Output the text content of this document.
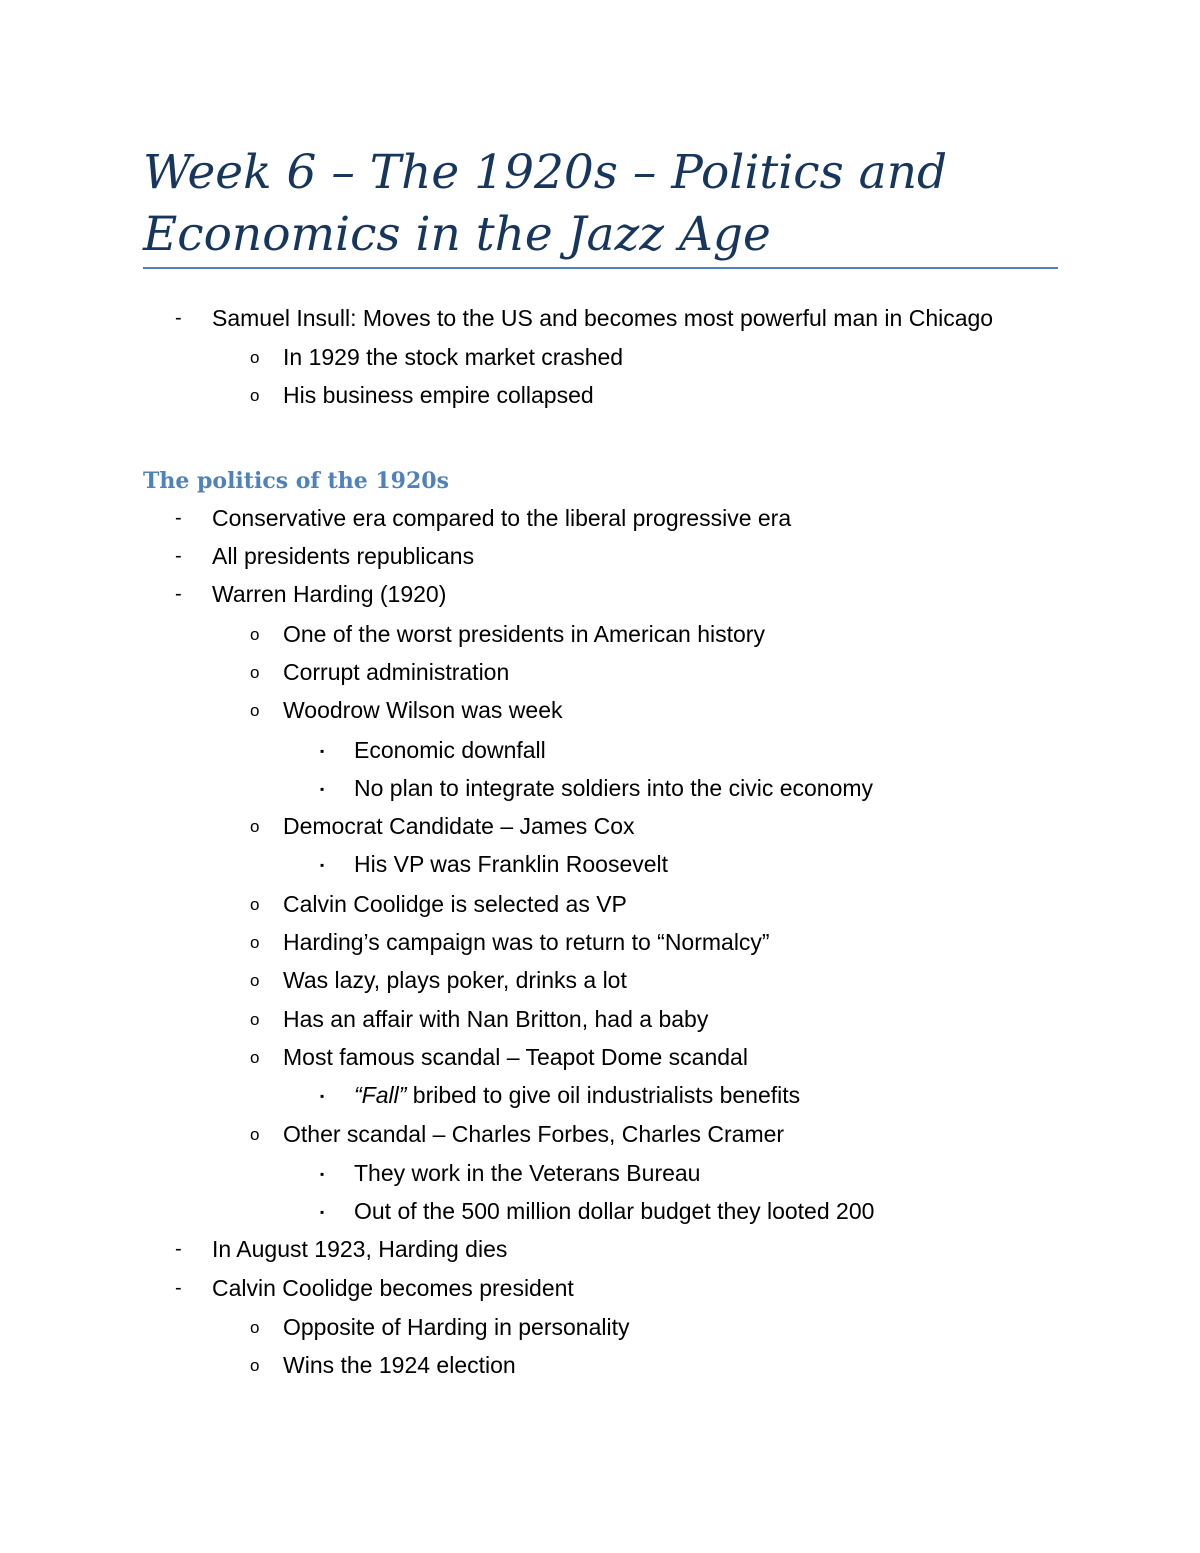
Week 6 – The 1920s – Politics and
Economics in the Jazz Age
- Samuel Insull: Moves to the US and becomes most powerful man in Chicago
o In 1929 the stock market crashed
o His business empire collapsed
The politics of the 1920s
- Conservative era compared to the liberal progressive era
- All presidents republicans
- Warren Harding (1920)
o One of the worst presidents in American history
o Corrupt administration
o Woodrow Wilson was week
▪ Economic downfall
▪ No plan to integrate soldiers into the civic economy
o Democrat Candidate – James Cox
▪ His VP was Franklin Roosevelt
o Calvin Coolidge is selected as VP
o Harding’s campaign was to return to “Normalcy”
o Was lazy, plays poker, drinks a lot
o Has an affair with Nan Britton, had a baby
o Most famous scandal – Teapot Dome scandal
▪ “Fall” bribed to give oil industrialists benefits
o Other scandal – Charles Forbes, Charles Cramer
▪ They work in the Veterans Bureau
▪ Out of the 500 million dollar budget they looted 200
- In August 1923, Harding dies
- Calvin Coolidge becomes president
o Opposite of Harding in personality
o Wins the 1924 election
